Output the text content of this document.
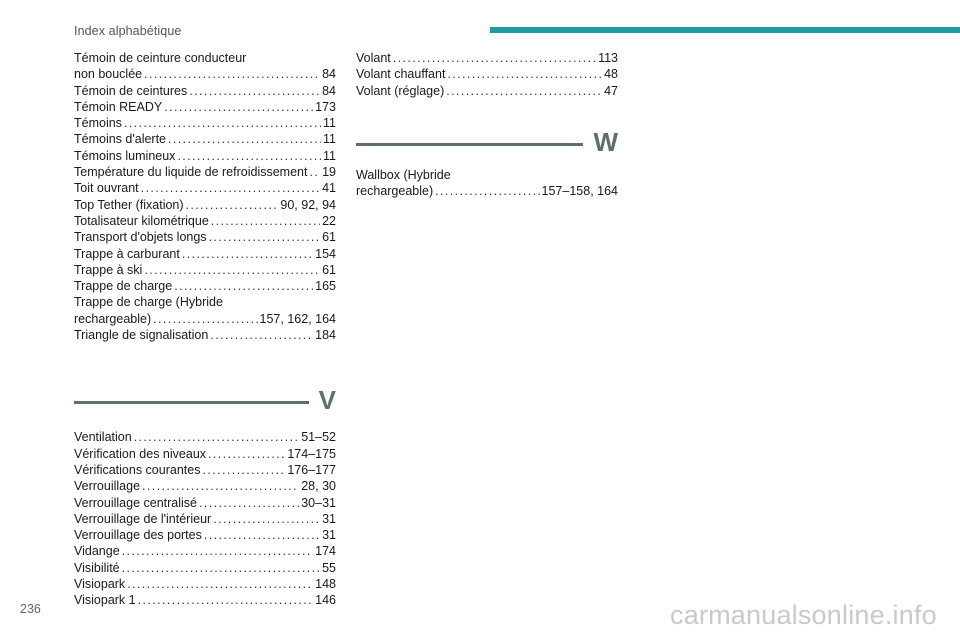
Index alphabétique
Témoin de ceinture conducteur
non bouclée .....	84
Témoin de ceintures .....	84
Témoin READY .....	173
Témoins .....	11
Témoins d'alerte .....	11
Témoins lumineux .....	11
Température du liquide de refroidissement ..... 19
Toit ouvrant .....	41
Top Tether (fixation) .....	90, 92, 94
Totalisateur kilométrique .....	22
Transport d'objets longs .....	61
Trappe à carburant .....	154
Trappe à ski .....	61
Trappe de charge .....	165
Trappe de charge (Hybride
rechargeable) .....	157, 162, 164
Triangle de signalisation .....	184
V
Ventilation .....	51–52
Vérification des niveaux .....	174–175
Vérifications courantes .....	176–177
Verrouillage .....	28, 30
Verrouillage centralisé .....	30–31
Verrouillage de l'intérieur .....	31
Verrouillage des portes .....	31
Vidange .....	174
Visibilité .....	55
Visiopark .....	148
Visiopark 1 .....	146
Volant .....	113
Volant chauffant .....	48
Volant (réglage) .....	47
W
Wallbox (Hybride
rechargeable) .....	157–158, 164
236	carmanualsonline.info
